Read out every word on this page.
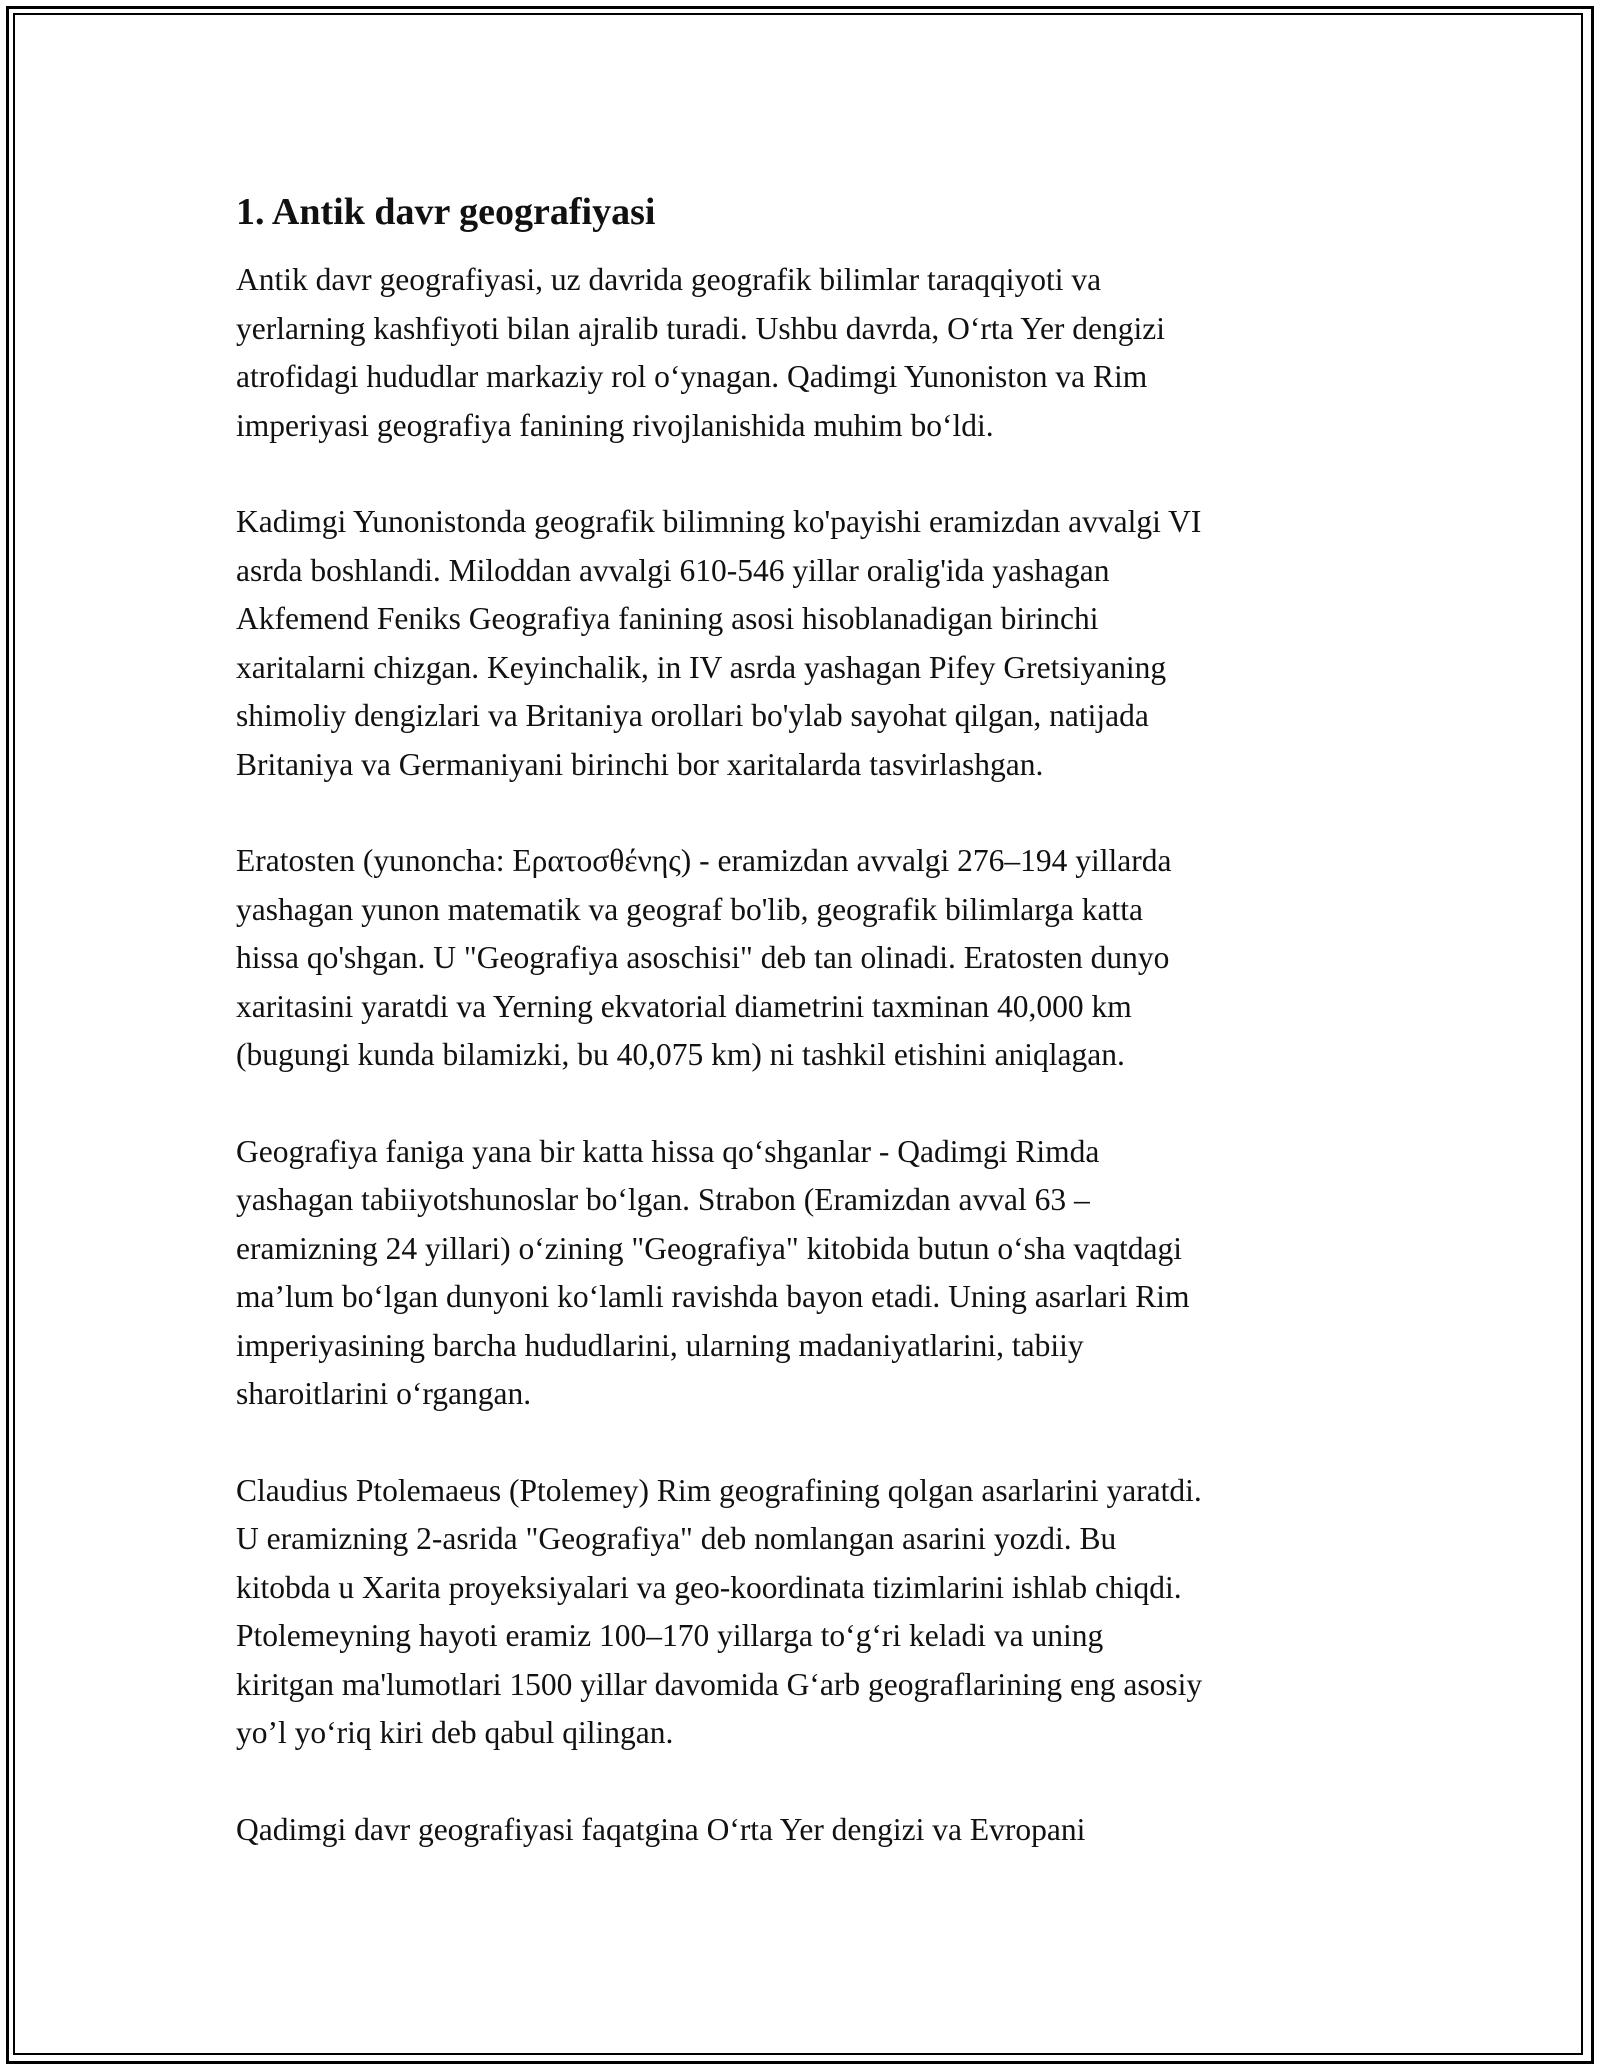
1. Antik davr geografiyasi

Antik davr geografiyasi, uz davrida geografik bilimlar taraqqiyoti va
yerlarning kashfiyoti bilan ajralib turadi. Ushbu davrda, O‘rta Yer dengizi
atrofidagi hududlar markaziy rol o‘ynagan. Qadimgi Yunoniston va Rim
imperiyasi geografiya fanining rivojlanishida muhim bo‘ldi.

Kadimgi Yunonistonda geografik bilimning ko'payishi eramizdan avvalgi VI
asrda boshlandi. Miloddan avvalgi 610-546 yillar oralig'ida yashagan
Akfemend Feniks Geografiya fanining asosi hisoblanadigan birinchi
xaritalarni chizgan. Keyinchalik, in IV asrda yashagan Pifey Gretsiyaning
shimoliy dengizlari va Britaniya orollari bo'ylab sayohat qilgan, natijada
Britaniya va Germaniyani birinchi bor xaritalarda tasvirlashgan.

Eratosten (yunoncha: Ερατοσθένης) - eramizdan avvalgi 276–194 yillarda
yashagan yunon matematik va geograf bo'lib, geografik bilimlarga katta
hissa qo'shgan. U "Geografiya asoschisi" deb tan olinadi. Eratosten dunyo
xaritasini yaratdi va Yerning ekvatorial diametrini taxminan 40,000 km
(bugungi kunda bilamizki, bu 40,075 km) ni tashkil etishini aniqlagan.

Geografiya faniga yana bir katta hissa qo‘shganlar - Qadimgi Rimda
yashagan tabiiyotshunoslar bo‘lgan. Strabon (Eramizdan avval 63 –
eramizning 24 yillari) o‘zining "Geografiya" kitobida butun o‘sha vaqtdagi
ma’lum bo‘lgan dunyoni ko‘lamli ravishda bayon etadi. Uning asarlari Rim
imperiyasining barcha hududlarini, ularning madaniyatlarini, tabiiy
sharoitlarini o‘rgangan.

Claudius Ptolemaeus (Ptolemey) Rim geografining qolgan asarlarini yaratdi.
U eramizning 2-asrida "Geografiya" deb nomlangan asarini yozdi. Bu
kitobda u Xarita proyeksiyalari va geo-koordinata tizimlarini ishlab chiqdi.
Ptolemeyning hayoti eramiz 100–170 yillarga to‘g‘ri keladi va uning
kiritgan ma'lumotlari 1500 yillar davomida G‘arb geograflarining eng asosiy
yo’l yo‘riq kiri deb qabul qilingan.

Qadimgi davr geografiyasi faqatgina O‘rta Yer dengizi va Evropani
